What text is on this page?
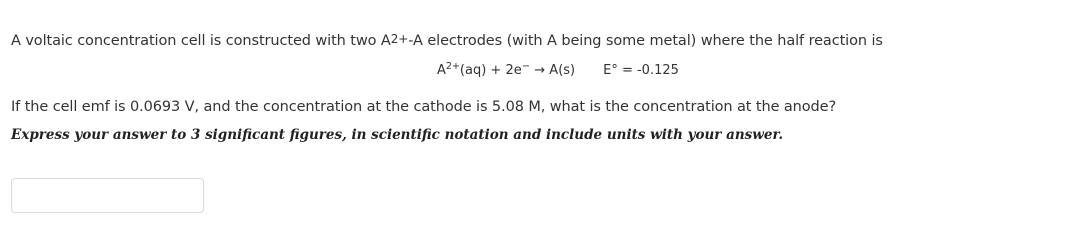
A voltaic concentration cell is constructed with two $A^{2+}-A$ electrodes (with A being some metal) where the half reaction is
$A^{2+}(aq) + 2e^- \to A(s) E^\circ = -0.125$
If the cell emf is 0.0693 V, and the concentration at the cathode is 5.08 M, what is the concentration at the anode?
Express your answer to 3 significant figures, in scientific notation and include units with your answer.
